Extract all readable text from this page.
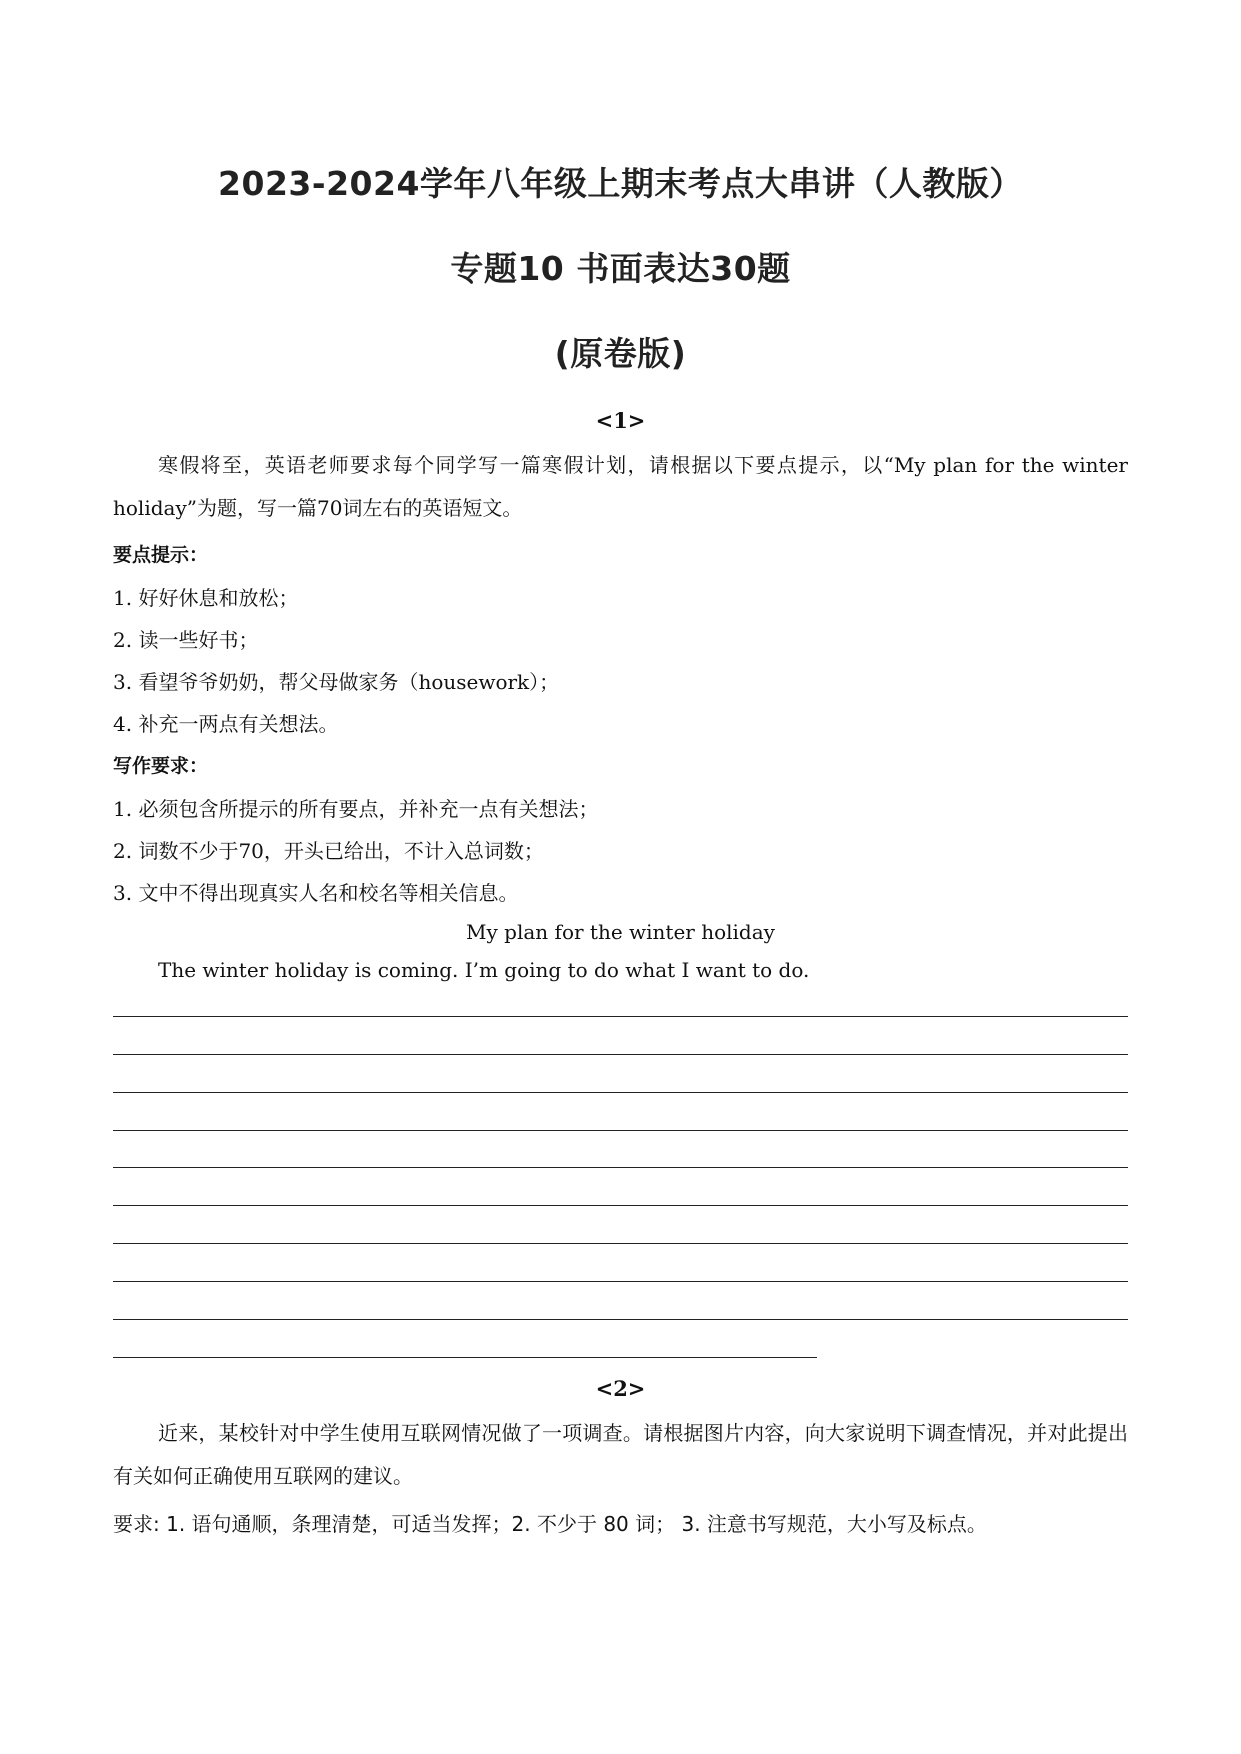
2023-2024学年八年级上期末考点大串讲（人教版）
专题10 书面表达30题
(原卷版)
<1>
寒假将至，英语老师要求每个同学写一篇寒假计划，请根据以下要点提示，以“My plan for the winter holiday”为题，写一篇70词左右的英语短文。
要点提示：
1. 好好休息和放松；
2. 读一些好书；
3. 看望爷爷奶奶，帮父母做家务（housework）；
4. 补充一两点有关想法。
写作要求：
1. 必须包含所提示的所有要点，并补充一点有关想法；
2. 词数不少于70，开头已给出，不计入总词数；
3. 文中不得出现真实人名和校名等相关信息。
My plan for the winter holiday
The winter holiday is coming. I’m going to do what I want to do.
<2>
近来，某校针对中学生使用互联网情况做了一项调查。请根据图片内容，向大家说明下调查情况，并对此提出有关如何正确使用互联网的建议。
要求: 1. 语句通顺，条理清楚，可适当发挥；2. 不少于 80 词； 3. 注意书写规范，大小写及标点。
